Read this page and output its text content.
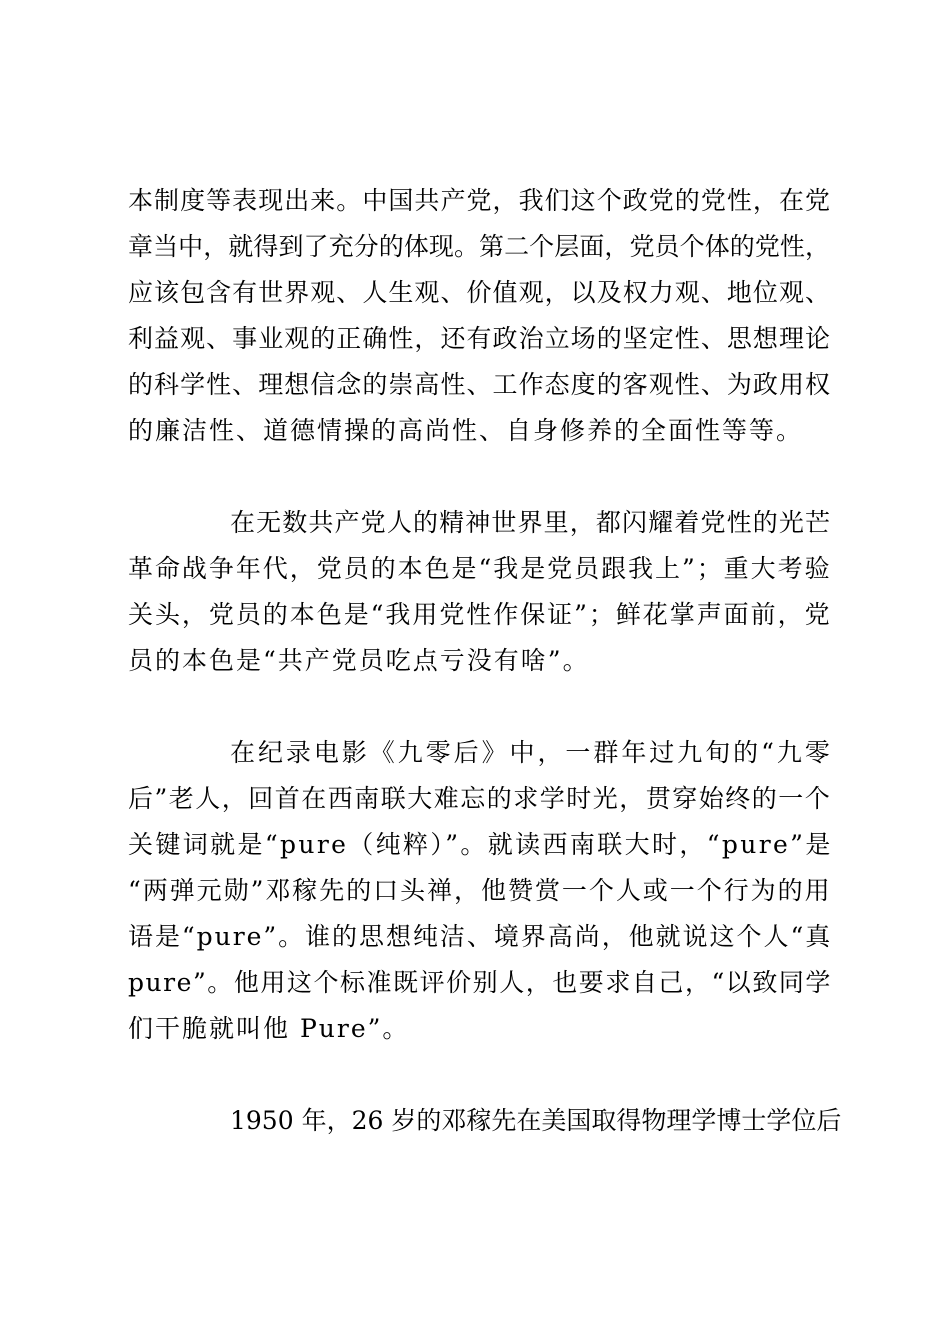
本制度等表现出来。中国共产党，我们这个政党的党性，在党
章当中，就得到了充分的体现。第二个层面，党员个体的党性，
应该包含有世界观、人生观、价值观，以及权力观、地位观、
利益观、事业观的正确性，还有政治立场的坚定性、思想理论
的科学性、理想信念的崇高性、工作态度的客观性、为政用权
的廉洁性、道德情操的高尚性、自身修养的全面性等等。
在无数共产党人的精神世界里，都闪耀着党性的光芒
革命战争年代，党员的本色是“我是党员跟我上”；重大考验
关头，党员的本色是“我用党性作保证”；鲜花掌声面前，党
员的本色是“共产党员吃点亏没有啥”。
在纪录电影《九零后》中，一群年过九旬的“九零
后”老人，回首在西南联大难忘的求学时光，贯穿始终的一个
关键词就是“pure（纯粹）”。就读西南联大时，“pure”是
“两弹元勋”邓稼先的口头禅，他赞赏一个人或一个行为的用
语是“pure”。谁的思想纯洁、境界高尚，他就说这个人“真
pure”。他用这个标准既评价别人，也要求自己，“以致同学
们干脆就叫他 Pure”。
1950 年，26 岁的邓稼先在美国取得物理学博士学位后
